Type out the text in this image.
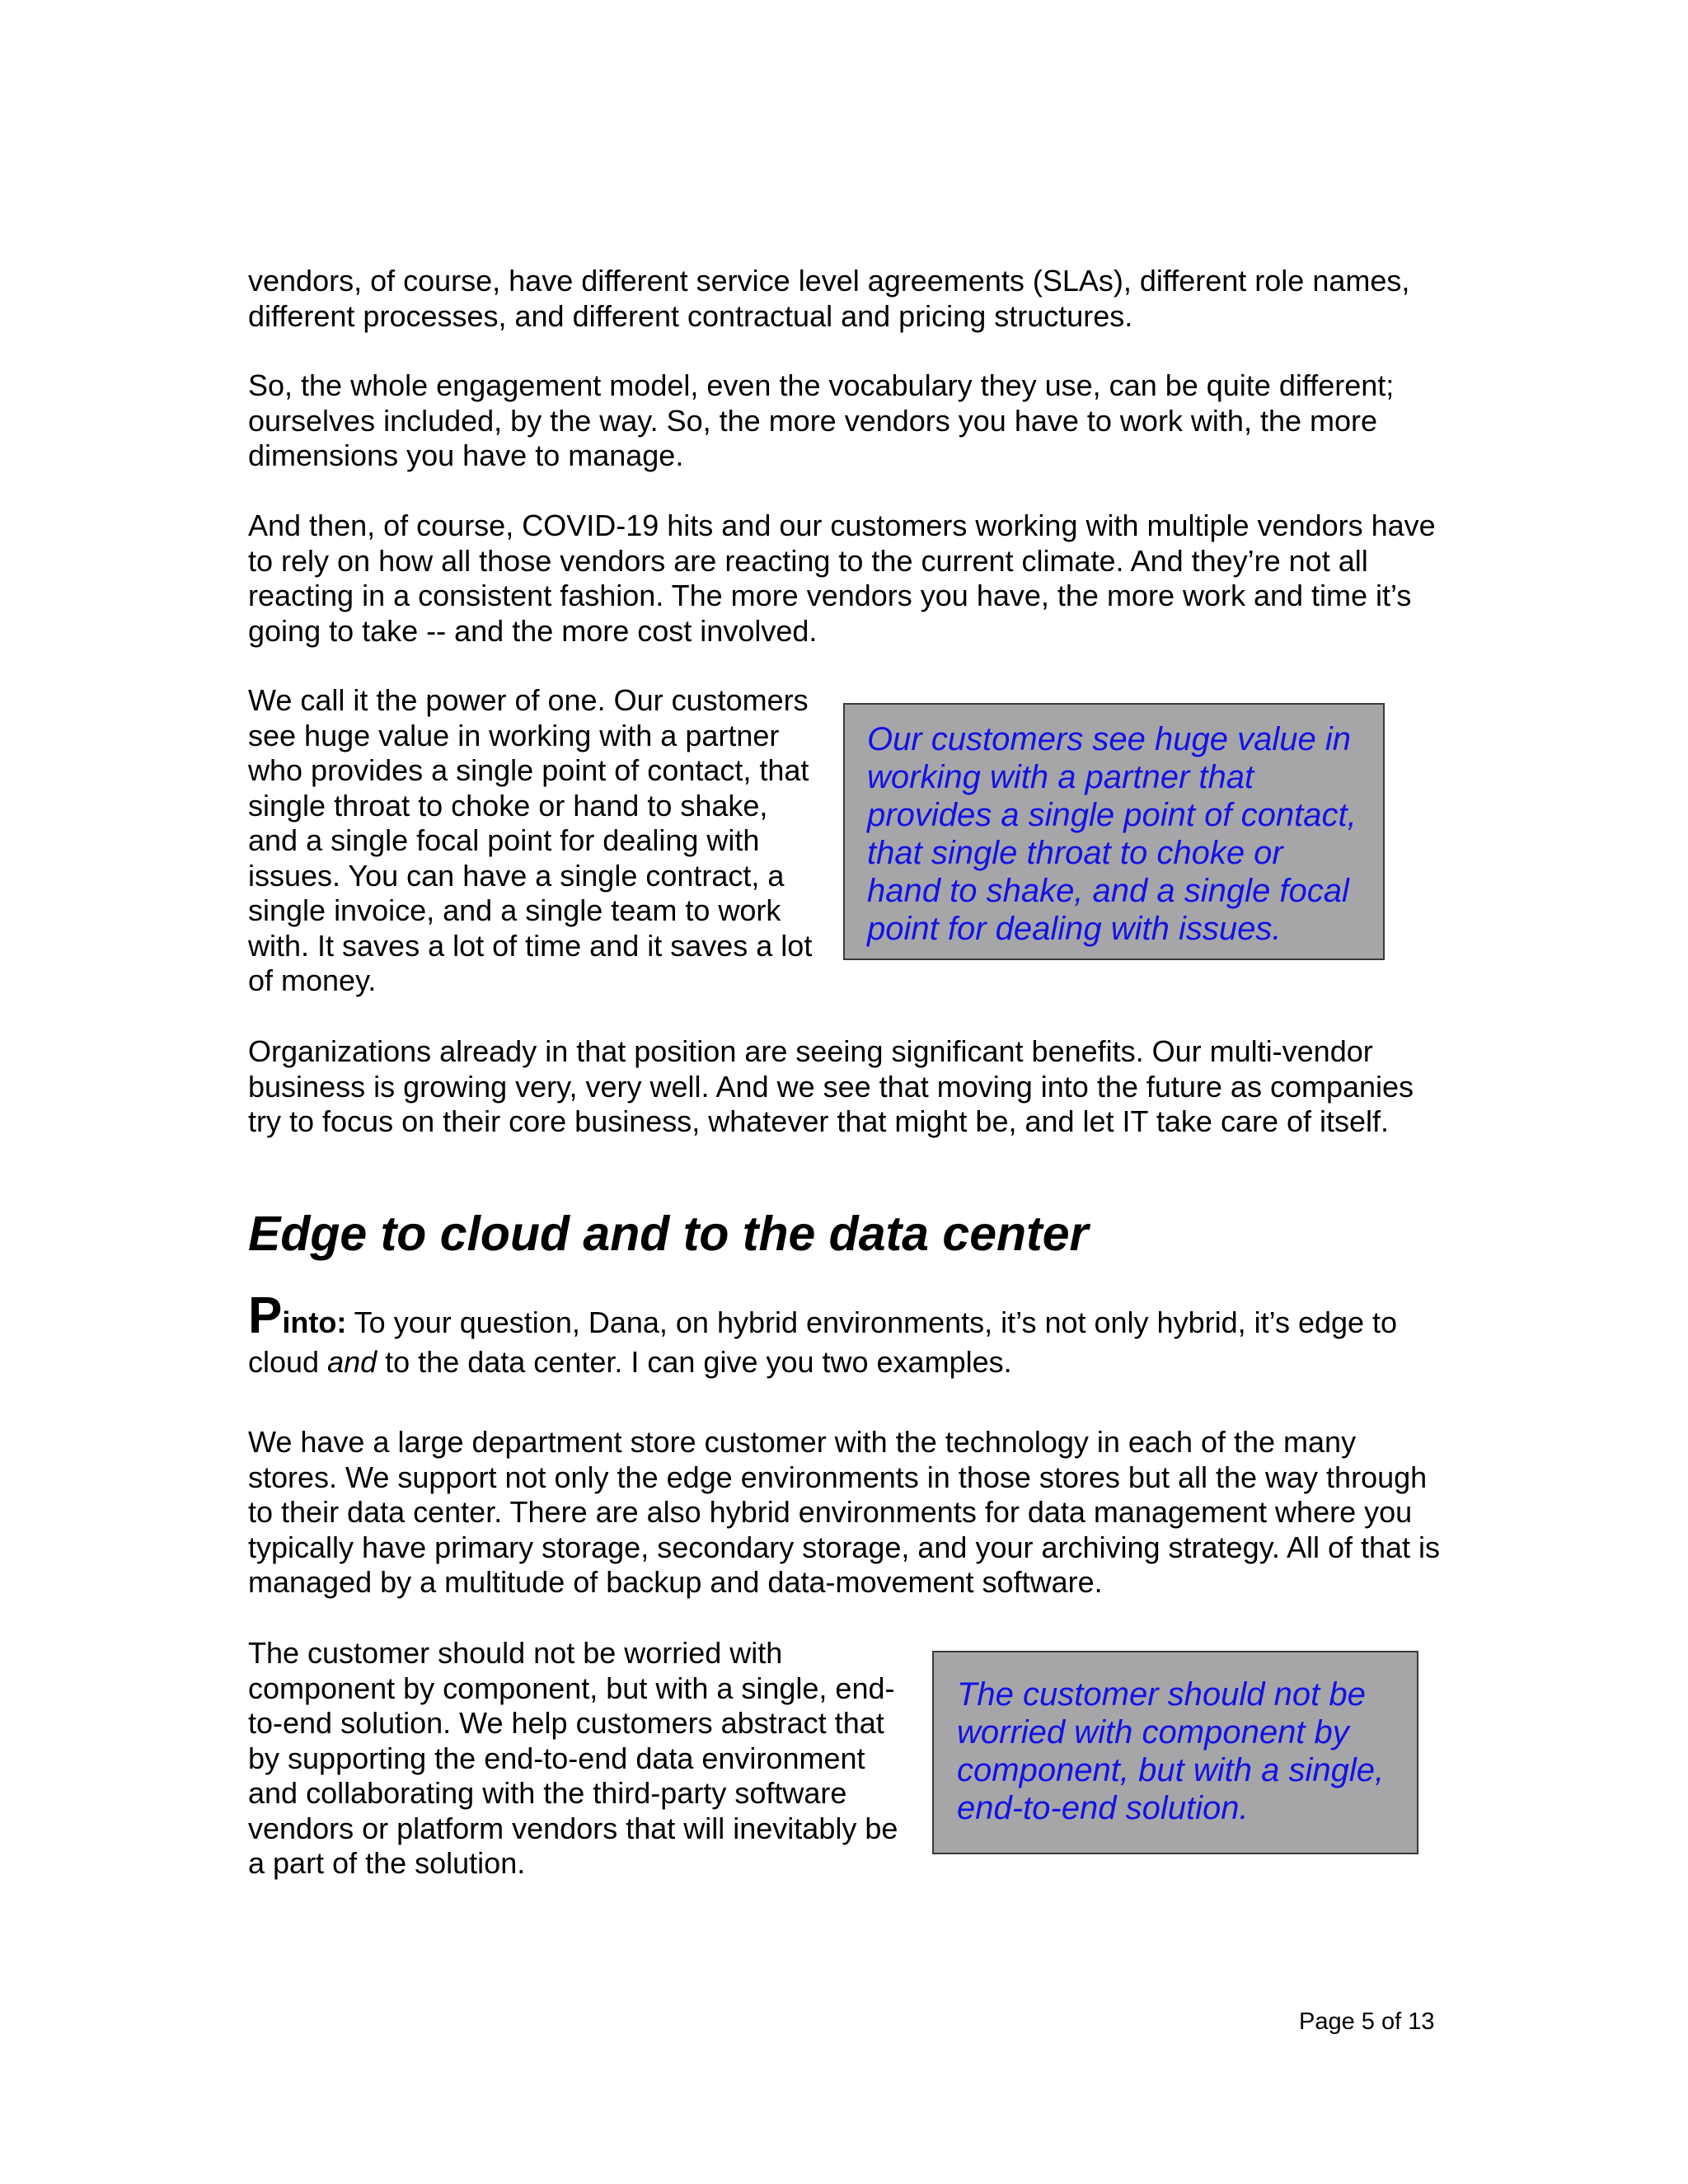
vendors, of course, have different service level agreements (SLAs), different role names, different processes, and different contractual and pricing structures.

So, the whole engagement model, even the vocabulary they use, can be quite different; ourselves included, by the way. So, the more vendors you have to work with, the more dimensions you have to manage.

And then, of course, COVID-19 hits and our customers working with multiple vendors have to rely on how all those vendors are reacting to the current climate. And they’re not all reacting in a consistent fashion. The more vendors you have, the more work and time it’s going to take -- and the more cost involved.

We call it the power of one. Our customers see huge value in working with a partner who provides a single point of contact, that single throat to choke or hand to shake, and a single focal point for dealing with issues. You can have a single contract, a single invoice, and a single team to work with. It saves a lot of time and it saves a lot of money.

Our customers see huge value in working with a partner that provides a single point of contact, that single throat to choke or hand to shake, and a single focal point for dealing with issues.

Organizations already in that position are seeing significant benefits. Our multi-vendor business is growing very, very well. And we see that moving into the future as companies try to focus on their core business, whatever that might be, and let IT take care of itself.

Edge to cloud and to the data center

Pinto: To your question, Dana, on hybrid environments, it’s not only hybrid, it’s edge to cloud and to the data center. I can give you two examples.

We have a large department store customer with the technology in each of the many stores. We support not only the edge environments in those stores but all the way through to their data center. There are also hybrid environments for data management where you typically have primary storage, secondary storage, and your archiving strategy. All of that is managed by a multitude of backup and data-movement software.

The customer should not be worried with component by component, but with a single, end-to-end solution. We help customers abstract that by supporting the end-to-end data environment and collaborating with the third-party software vendors or platform vendors that will inevitably be a part of the solution.

The customer should not be worried with component by component, but with a single, end-to-end solution.

Page 5 of 13
